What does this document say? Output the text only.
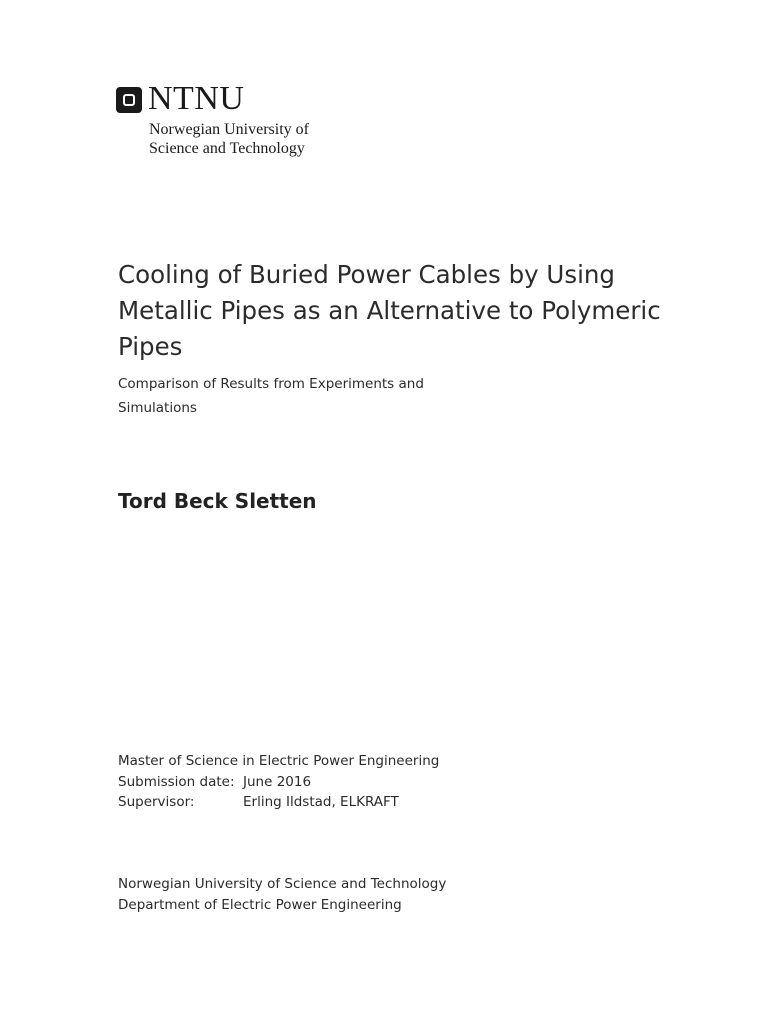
NTNU
Norwegian University of
Science and Technology
Cooling of Buried Power Cables by Using Metallic Pipes as an Alternative to Polymeric Pipes

Comparison of Results from Experiments and Simulations

Tord Beck Sletten
Master of Science in Electric Power Engineering
Submission date: June 2016
Supervisor:	Erling Ildstad, ELKRAFT
Norwegian University of Science and Technology
Department of Electric Power Engineering
